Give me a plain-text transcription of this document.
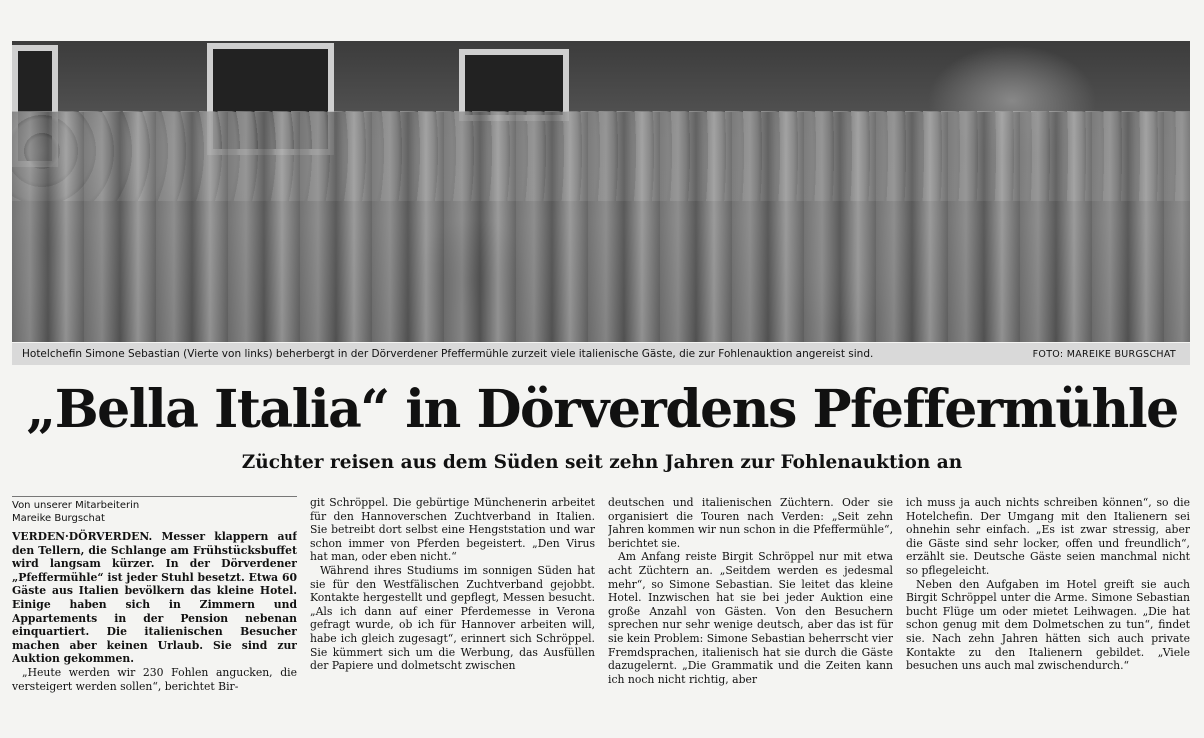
Hotelchefin Simone Sebastian (Vierte von links) beherbergt in der Dörverdener Pfeffermühle zurzeit viele italienische Gäste, die zur Fohlenauktion angereist sind.	FOTO: MAREIKE BURGSCHAT
„Bella Italia“ in Dörverdens Pfeffermühle
Züchter reisen aus dem Süden seit zehn Jahren zur Fohlenauktion an
Von unserer Mitarbeiterin
Mareike Burgschat

VERDEN·DÖRVERDEN. Messer klappern auf den Tellern, die Schlange am Frühstücksbuffet wird langsam kürzer. In der Dörverdener „Pfeffermühle“ ist jeder Stuhl besetzt. Etwa 60 Gäste aus Italien bevölkern das kleine Hotel. Einige haben sich in Zimmern und Appartements in der Pension nebenan einquartiert. Die italienischen Besucher machen aber keinen Urlaub. Sie sind zur Auktion gekommen.

„Heute werden wir 230 Fohlen angucken, die versteigert werden sollen“, berichtet Bir-

git Schröppel. Die gebürtige Münchenerin arbeitet für den Hannoverschen Zuchtverband in Italien. Sie betreibt dort selbst eine Hengststation und war schon immer von Pferden begeistert. „Den Virus hat man, oder eben nicht.“

Während ihres Studiums im sonnigen Süden hat sie für den Westfälischen Zuchtverband gejobbt. Kontakte hergestellt und gepflegt, Messen besucht. „Als ich dann auf einer Pferdemesse in Verona gefragt wurde, ob ich für Hannover arbeiten will, habe ich gleich zugesagt“, erinnert sich Schröppel. Sie kümmert sich um die Werbung, das Ausfüllen der Papiere und dolmetscht zwischen

deutschen und italienischen Züchtern. Oder sie organisiert die Touren nach Verden: „Seit zehn Jahren kommen wir nun schon in die Pfeffermühle“, berichtet sie.

Am Anfang reiste Birgit Schröppel nur mit etwa acht Züchtern an. „Seitdem werden es jedesmal mehr“, so Simone Sebastian. Sie leitet das kleine Hotel. Inzwischen hat sie bei jeder Auktion eine große Anzahl von Gästen. Von den Besuchern sprechen nur sehr wenige deutsch, aber das ist für sie kein Problem: Simone Sebastian beherrscht vier Fremdsprachen, italienisch hat sie durch die Gäste dazugelernt. „Die Grammatik und die Zeiten kann ich noch nicht richtig, aber

ich muss ja auch nichts schreiben können“, so die Hotelchefin. Der Umgang mit den Italienern sei ohnehin sehr einfach. „Es ist zwar stressig, aber die Gäste sind sehr locker, offen und freundlich“, erzählt sie. Deutsche Gäste seien manchmal nicht so pflegeleicht.

Neben den Aufgaben im Hotel greift sie auch Birgit Schröppel unter die Arme. Simone Sebastian bucht Flüge um oder mietet Leihwagen. „Die hat schon genug mit dem Dolmetschen zu tun“, findet sie. Nach zehn Jahren hätten sich auch private Kontakte zu den Italienern gebildet. „Viele besuchen uns auch mal zwischendurch.“
